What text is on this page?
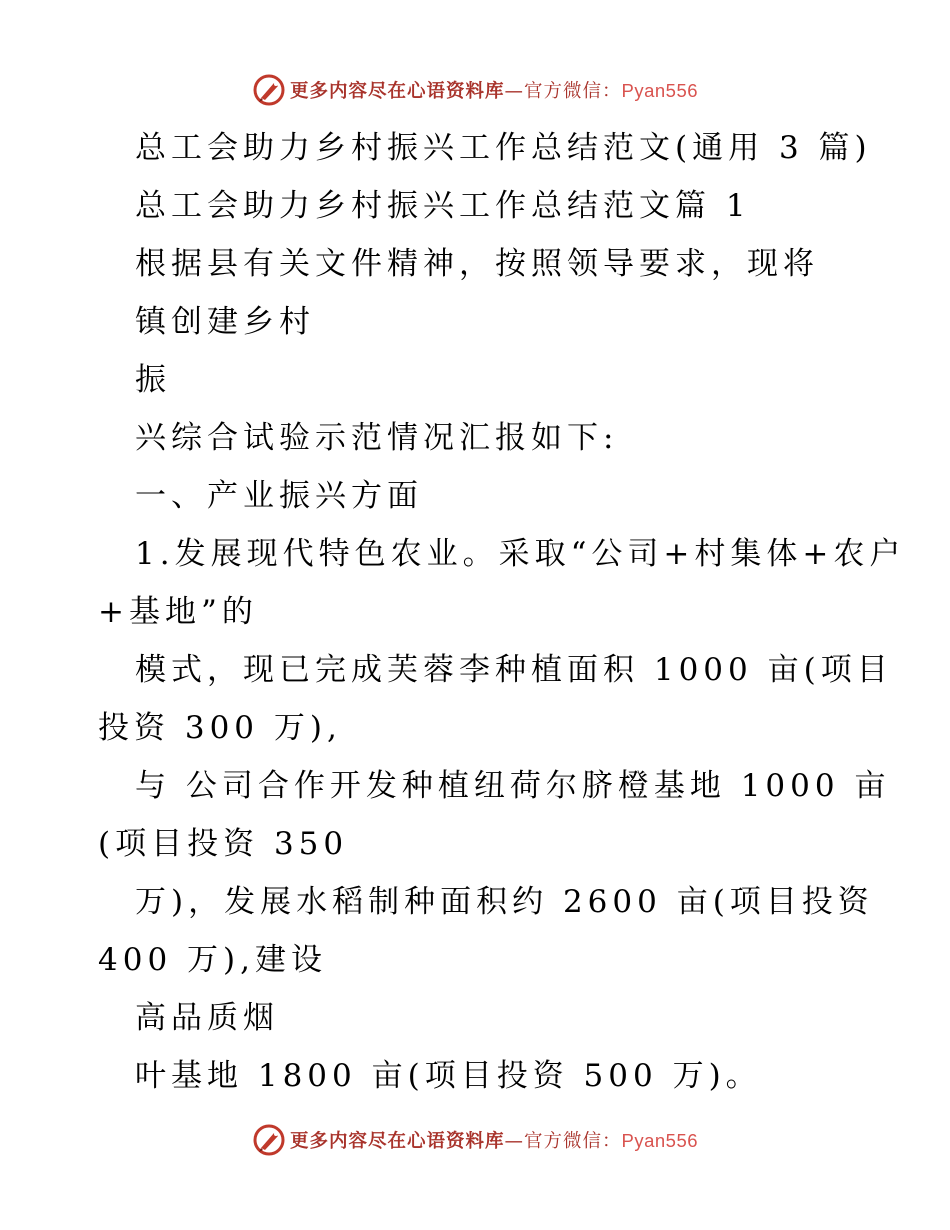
更多内容尽在心语资料库—官方微信：Pyan556
总工会助力乡村振兴工作总结范文(通用 3 篇)
总工会助力乡村振兴工作总结范文篇 1
根据县有关文件精神，按照领导要求，现将
镇创建乡村
振
兴综合试验示范情况汇报如下:
一、产业振兴方面
1.发展现代特色农业。采取“公司+村集体+农户
+基地”的
模式，现已完成芙蓉李种植面积 1000 亩(项目
投资 300 万),
与 公司合作开发种植纽荷尔脐橙基地 1000 亩
(项目投资 350
万)，发展水稻制种面积约 2600 亩(项目投资
400 万),建设
高品质烟
叶基地 1800 亩(项目投资 500 万)。
更多内容尽在心语资料库—官方微信：Pyan556
